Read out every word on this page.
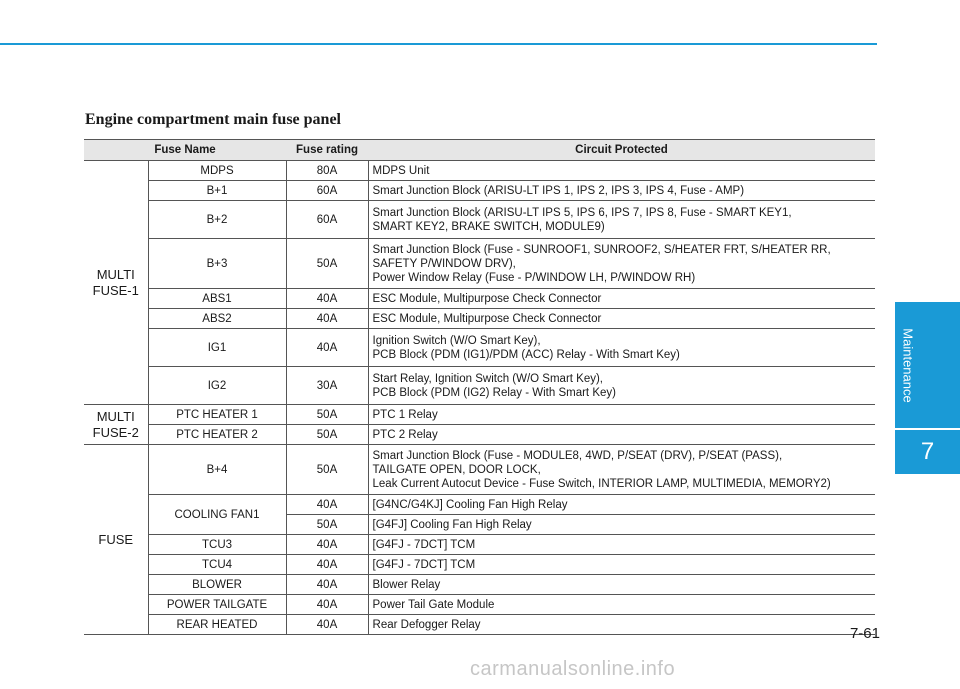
Engine compartment main fuse panel
Fuse Name		Fuse rating	Circuit Protected
MULTI
FUSE-1	MDPS	80A	MDPS Unit
	B+1	60A	Smart Junction Block (ARISU-LT IPS 1, IPS 2, IPS 3, IPS 4, Fuse - AMP)
	B+2	60A	Smart Junction Block (ARISU-LT IPS 5, IPS 6, IPS 7, IPS 8, Fuse - SMART KEY1,
SMART KEY2, BRAKE SWITCH, MODULE9)
	B+3	50A	Smart Junction Block (Fuse - SUNROOF1, SUNROOF2, S/HEATER FRT, S/HEATER RR,
SAFETY P/WINDOW DRV),
Power Window Relay (Fuse - P/WINDOW LH, P/WINDOW RH)
	ABS1	40A	ESC Module, Multipurpose Check Connector
	ABS2	40A	ESC Module, Multipurpose Check Connector
	IG1	40A	Ignition Switch (W/O Smart Key),
PCB Block (PDM (IG1)/PDM (ACC) Relay - With Smart Key)
	IG2	30A	Start Relay, Ignition Switch (W/O Smart Key),
PCB Block (PDM (IG2) Relay - With Smart Key)
MULTI
FUSE-2	PTC HEATER 1	50A	PTC 1 Relay
	PTC HEATER 2	50A	PTC 2 Relay
FUSE	B+4	50A	Smart Junction Block (Fuse - MODULE8, 4WD, P/SEAT (DRV), P/SEAT (PASS),
TAILGATE OPEN, DOOR LOCK,
Leak Current Autocut Device - Fuse Switch, INTERIOR LAMP, MULTIMEDIA, MEMORY2)
	COOLING FAN1	40A	[G4NC/G4KJ] Cooling Fan High Relay
		50A	[G4FJ] Cooling Fan High Relay
	TCU3	40A	[G4FJ - 7DCT] TCM
	TCU4	40A	[G4FJ - 7DCT] TCM
	BLOWER	40A	Blower Relay
	POWER TAILGATE	40A	Power Tail Gate Module
	REAR HEATED	40A	Rear Defogger Relay
Maintenance
7
7-61
carmanualsonline.info
